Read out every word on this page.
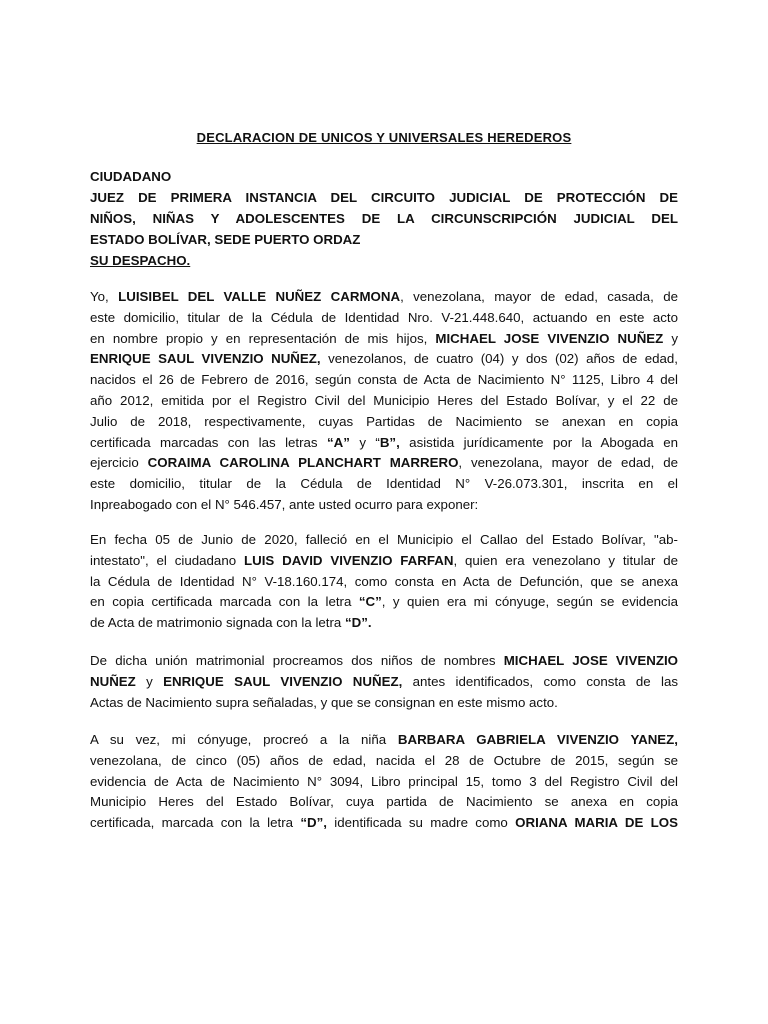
DECLARACION DE UNICOS Y UNIVERSALES HEREDEROS
CIUDADANO
JUEZ DE PRIMERA INSTANCIA DEL CIRCUITO JUDICIAL DE PROTECCIÓN DE
NIÑOS, NIÑAS Y ADOLESCENTES DE LA CIRCUNSCRIPCIÓN JUDICIAL DEL
ESTADO BOLÍVAR, SEDE PUERTO ORDAZ
SU DESPACHO.
Yo, LUISIBEL DEL VALLE NUÑEZ CARMONA, venezolana, mayor de edad, casada, de
este domicilio, titular de la Cédula de Identidad Nro. V-21.448.640, actuando en este acto
en nombre propio y en representación de mis hijos, MICHAEL JOSE VIVENZIO NUÑEZ y
ENRIQUE SAUL VIVENZIO NUÑEZ, venezolanos, de cuatro (04) y dos (02) años de edad,
nacidos el 26 de Febrero de 2016, según consta de Acta de Nacimiento N° 1125, Libro 4 del
año 2012, emitida por el Registro Civil del Municipio Heres del Estado Bolívar, y el 22 de
Julio de 2018, respectivamente, cuyas Partidas de Nacimiento se anexan en copia
certificada marcadas con las letras “A” y “B”, asistida jurídicamente por la Abogada en
ejercicio CORAIMA CAROLINA PLANCHART MARRERO, venezolana, mayor de edad, de
este domicilio, titular de la Cédula de Identidad N° V-26.073.301, inscrita en el
Inpreabogado con el N° 546.457, ante usted ocurro para exponer:
En fecha 05 de Junio de 2020, falleció en el Municipio el Callao del Estado Bolívar, "ab-
intestato", el ciudadano LUIS DAVID VIVENZIO FARFAN, quien era venezolano y titular de
la Cédula de Identidad N° V-18.160.174, como consta en Acta de Defunción, que se anexa
en copia certificada marcada con la letra “C”, y quien era mi cónyuge, según se evidencia
de Acta de matrimonio signada con la letra “D”.
De dicha unión matrimonial procreamos dos niños de nombres MICHAEL JOSE VIVENZIO
NUÑEZ y ENRIQUE SAUL VIVENZIO NUÑEZ, antes identificados, como consta de las
Actas de Nacimiento supra señaladas, y que se consignan en este mismo acto.
A su vez, mi cónyuge, procreó a la niña BARBARA GABRIELA VIVENZIO YANEZ,
venezolana, de cinco (05) años de edad, nacida el 28 de Octubre de 2015, según se
evidencia de Acta de Nacimiento N° 3094, Libro principal 15, tomo 3 del Registro Civil del
Municipio Heres del Estado Bolívar, cuya partida de Nacimiento se anexa en copia
certificada, marcada con la letra “D”, identificada su madre como ORIANA MARIA DE LOS
